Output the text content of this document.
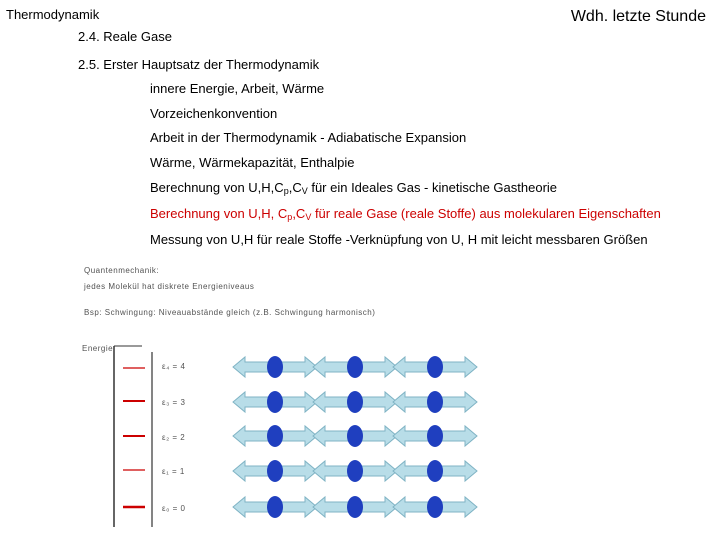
Thermodynamik	Wdh. letzte Stunde
2.4. Reale Gase
2.5. Erster Hauptsatz der Thermodynamik
innere Energie, Arbeit, Wärme
Vorzeichenkonvention
Arbeit in der Thermodynamik - Adiabatische Expansion
Wärme, Wärmekapazität, Enthalpie
Berechnung von $U,H,C_p,C_V$ für ein Ideales Gas - kinetische Gastheorie
Berechnung von U,H, $C_p,C_V$ für reale Gase (reale Stoffe) aus molekularen Eigenschaften
Messung von U,H für reale Stoffe -Verknüpfung von U, H mit leicht messbaren Größen
Quantenmechanik:
jedes Molekül hat diskrete Energieniveaus
Bsp: Schwingung: Niveauabstände gleich (z.B. Schwingung harmonisch)
Energie
ε₄ = 4
ε₃ = 3
ε₂ = 2
ε₁ = 1
ε₀ = 0
